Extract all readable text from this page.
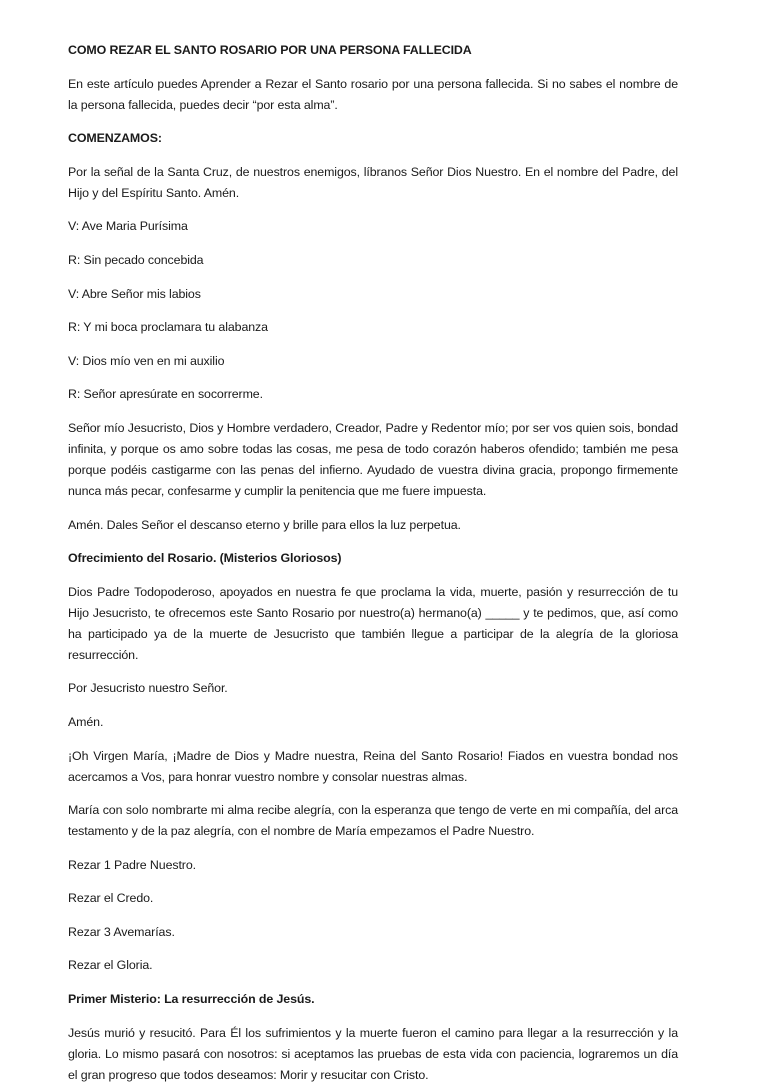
COMO REZAR EL SANTO ROSARIO POR UNA PERSONA FALLECIDA

En este artículo puedes Aprender a Rezar el Santo rosario por una persona fallecida. Si no sabes el nombre de la persona fallecida, puedes decir “por esta alma”.

COMENZAMOS:

Por la señal de la Santa Cruz, de nuestros enemigos, líbranos Señor Dios Nuestro. En el nombre del Padre, del Hijo y del Espíritu Santo. Amén.

V: Ave Maria Purísima

R: Sin pecado concebida

V: Abre Señor mis labios

R: Y mi boca proclamara tu alabanza

V: Dios mío ven en mi auxilio

R: Señor apresúrate en socorrerme.

Señor mío Jesucristo, Dios y Hombre verdadero, Creador, Padre y Redentor mío; por ser vos quien sois, bondad infinita, y porque os amo sobre todas las cosas, me pesa de todo corazón haberos ofendido; también me pesa porque podéis castigarme con las penas del infierno. Ayudado de vuestra divina gracia, propongo firmemente nunca más pecar, confesarme y cumplir la penitencia que me fuere impuesta.

Amén. Dales Señor el descanso eterno y brille para ellos la luz perpetua.

Ofrecimiento del Rosario. (Misterios Gloriosos)

Dios Padre Todopoderoso, apoyados en nuestra fe que proclama la vida, muerte, pasión y resurrección de tu Hijo Jesucristo, te ofrecemos este Santo Rosario por nuestro(a) hermano(a) _____ y te pedimos, que, así como ha participado ya de la muerte de Jesucristo que también llegue a participar de la alegría de la gloriosa resurrección.

Por Jesucristo nuestro Señor.

Amén.

¡Oh Virgen María, ¡Madre de Dios y Madre nuestra, Reina del Santo Rosario! Fiados en vuestra bondad nos acercamos a Vos, para honrar vuestro nombre y consolar nuestras almas.

María con solo nombrarte mi alma recibe alegría, con la esperanza que tengo de verte en mi compañía, del arca testamento y de la paz alegría, con el nombre de María empezamos el Padre Nuestro.

Rezar 1 Padre Nuestro.

Rezar el Credo.

Rezar 3 Avemarías.

Rezar el Gloria.

Primer Misterio: La resurrección de Jesús.

Jesús murió y resucitó. Para Él los sufrimientos y la muerte fueron el camino para llegar a la resurrección y la gloria. Lo mismo pasará con nosotros: si aceptamos las pruebas de esta vida con paciencia, lograremos un día el gran progreso que todos deseamos: Morir y resucitar con Cristo.
